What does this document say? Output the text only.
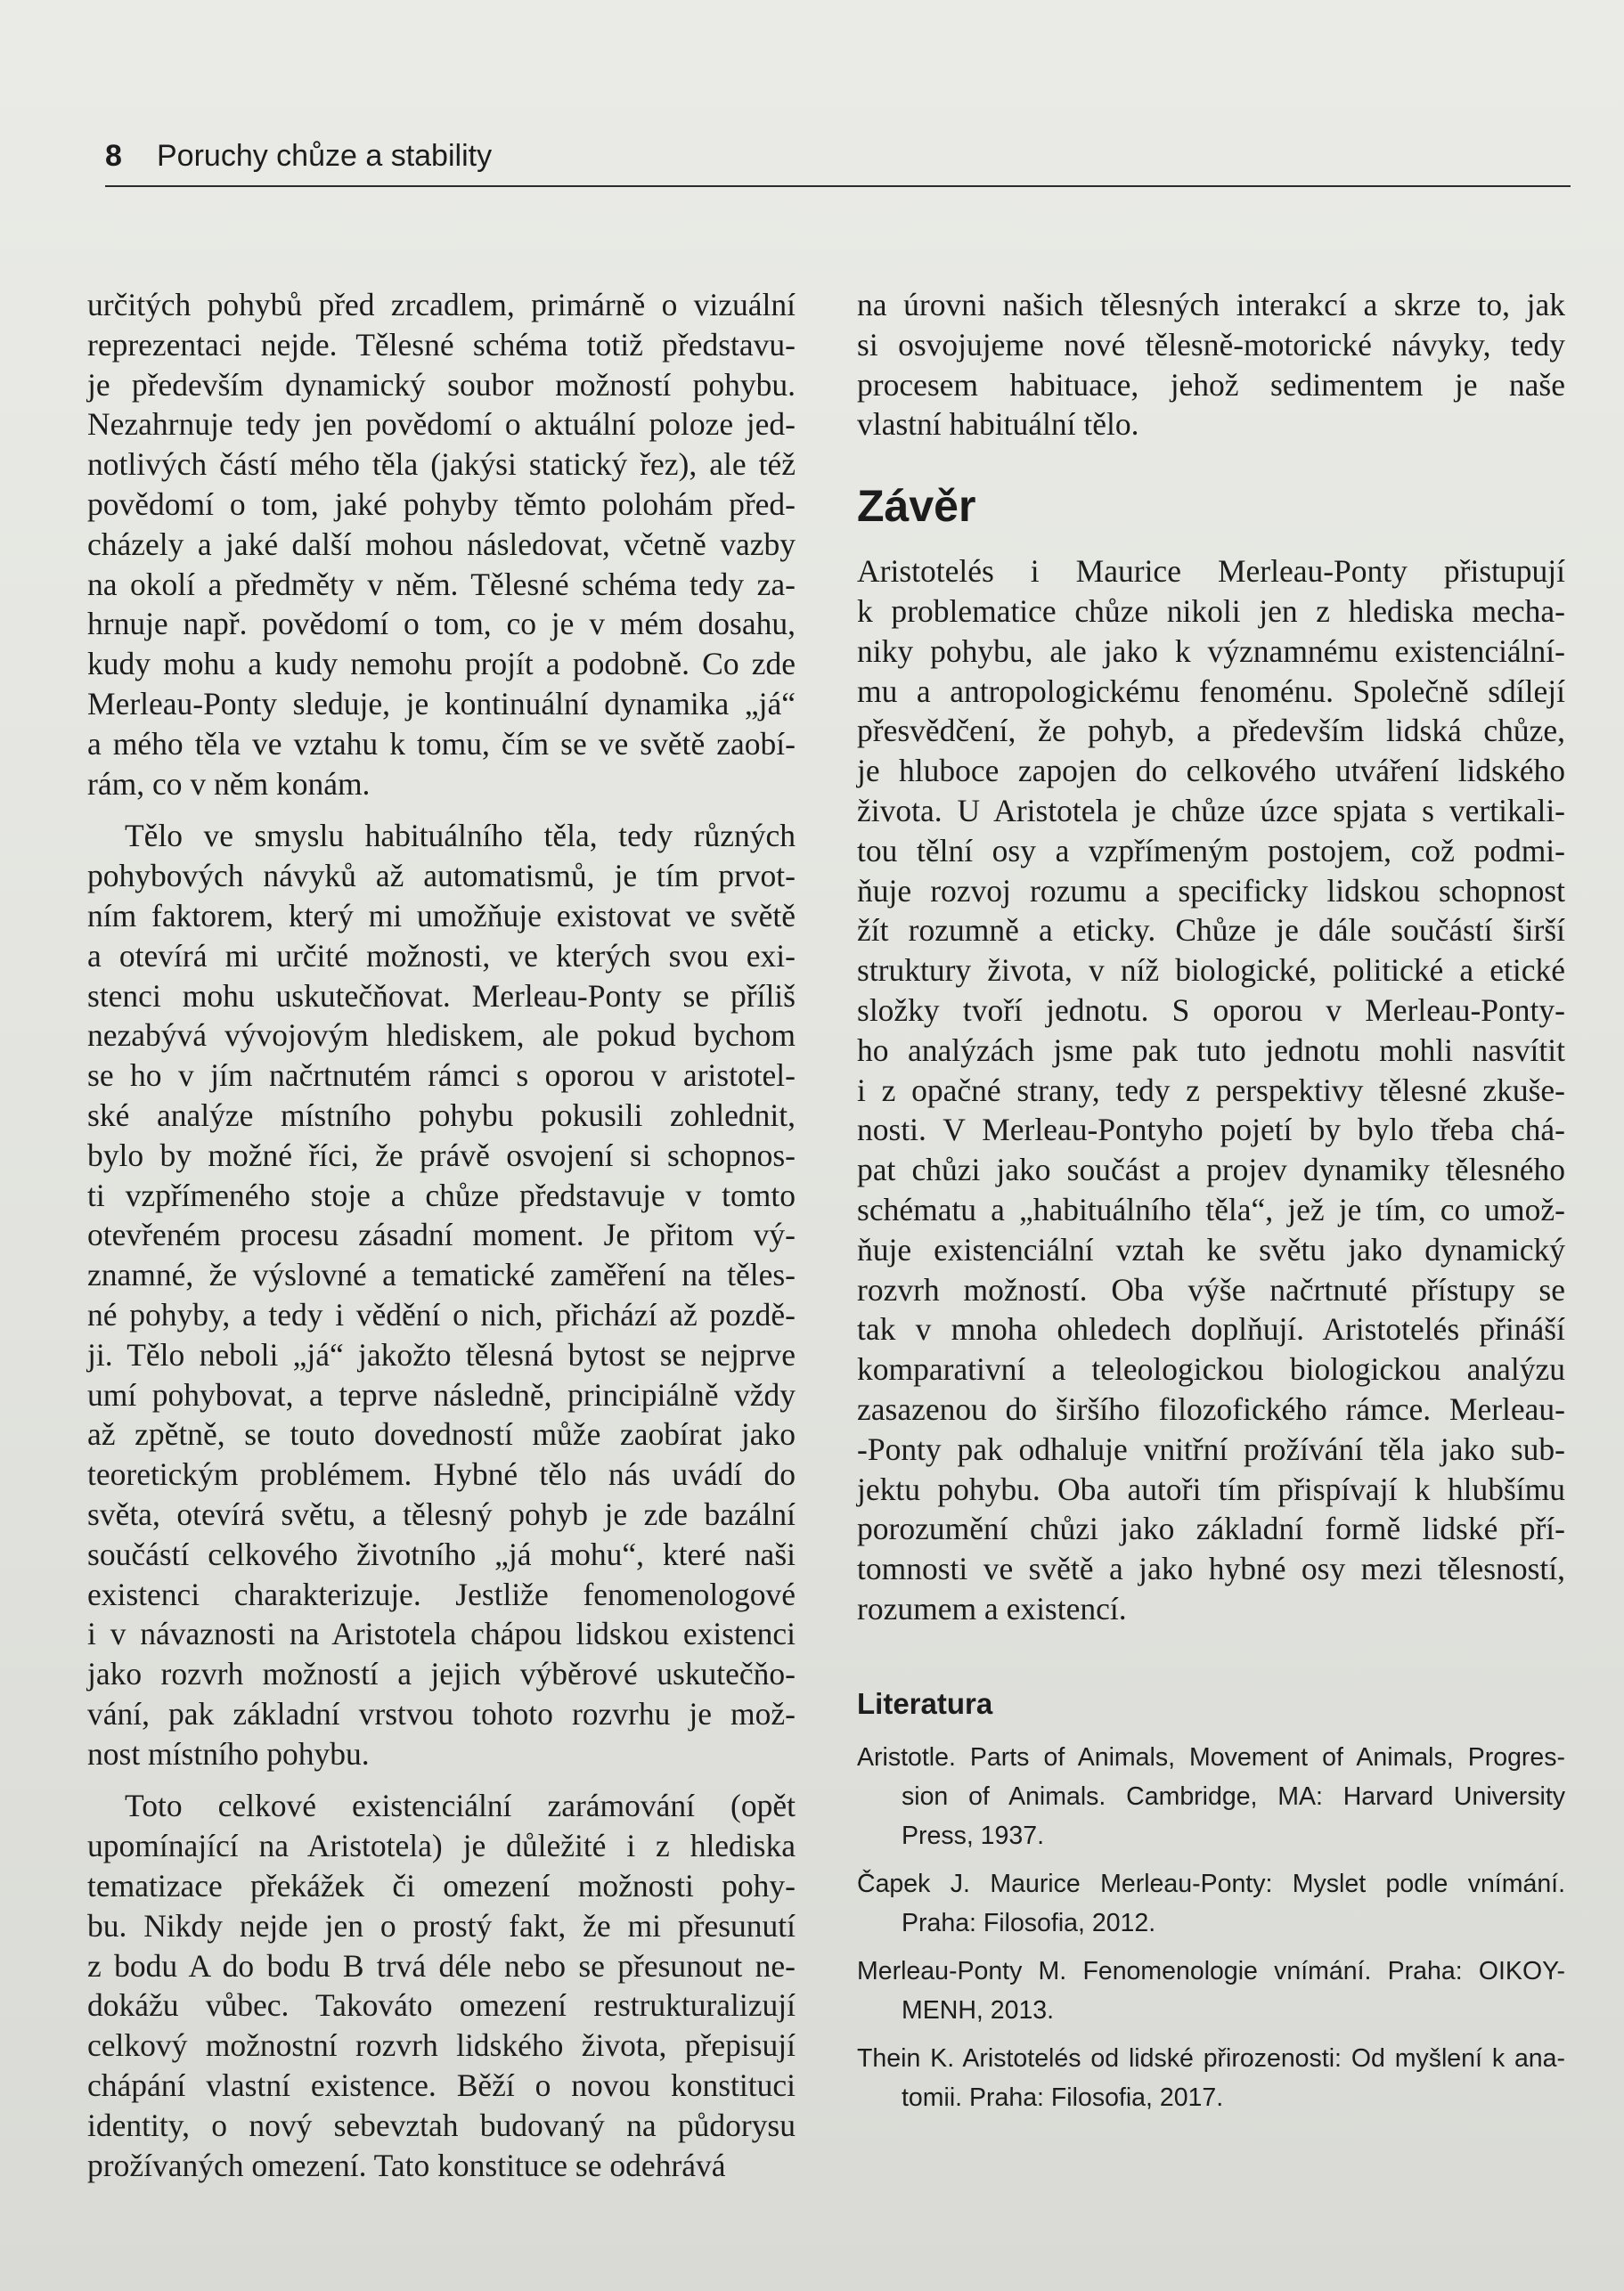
8 Poruchy chůze a stability
určitých pohybů před zrcadlem, primárně o vizuální
reprezentaci nejde. Tělesné schéma totiž představu-
je především dynamický soubor možností pohybu.
Nezahrnuje tedy jen povědomí o aktuální poloze jed-
notlivých částí mého těla (jakýsi statický řez), ale též
povědomí o tom, jaké pohyby těmto polohám před-
cházely a jaké další mohou následovat, včetně vazby
na okolí a předměty v něm. Tělesné schéma tedy za-
hrnuje např. povědomí o tom, co je v mém dosahu,
kudy mohu a kudy nemohu projít a podobně. Co zde
Merleau-Ponty sleduje, je kontinuální dynamika „já“
a mého těla ve vztahu k tomu, čím se ve světě zaobí-
rám, co v něm konám.
Tělo ve smyslu habituálního těla, tedy různých
pohybových návyků až automatismů, je tím prvot-
ním faktorem, který mi umožňuje existovat ve světě
a otevírá mi určité možnosti, ve kterých svou exi-
stenci mohu uskutečňovat. Merleau-Ponty se příliš
nezabývá vývojovým hlediskem, ale pokud bychom
se ho v jím načrtnutém rámci s oporou v aristotel-
ské analýze místního pohybu pokusili zohlednit,
bylo by možné říci, že právě osvojení si schopnos-
ti vzpřímeného stoje a chůze představuje v tomto
otevřeném procesu zásadní moment. Je přitom vý-
znamné, že výslovné a tematické zaměření na těles-
né pohyby, a tedy i vědění o nich, přichází až pozdě-
ji. Tělo neboli „já“ jakožto tělesná bytost se nejprve
umí pohybovat, a teprve následně, principiálně vždy
až zpětně, se touto dovedností může zaobírat jako
teoretickým problémem. Hybné tělo nás uvádí do
světa, otevírá světu, a tělesný pohyb je zde bazální
součástí celkového životního „já mohu“, které naši
existenci charakterizuje. Jestliže fenomenologové
i v návaznosti na Aristotela chápou lidskou existenci
jako rozvrh možností a jejich výběrové uskutečňo-
vání, pak základní vrstvou tohoto rozvrhu je mož-
nost místního pohybu.
Toto celkové existenciální zarámování (opět
upomínající na Aristotela) je důležité i z hlediska
tematizace překážek či omezení možnosti pohy-
bu. Nikdy nejde jen o prostý fakt, že mi přesunutí
z bodu A do bodu B trvá déle nebo se přesunout ne-
dokážu vůbec. Takováto omezení restrukturalizují
celkový možnostní rozvrh lidského života, přepisují
chápání vlastní existence. Běží o novou konstituci
identity, o nový sebevztah budovaný na půdorysu
prožívaných omezení. Tato konstituce se odehrává
na úrovni našich tělesných interakcí a skrze to, jak
si osvojujeme nové tělesně-motorické návyky, tedy
procesem habituace, jehož sedimentem je naše
vlastní habituální tělo.
Závěr
Aristotelés i Maurice Merleau-Ponty přistupují
k problematice chůze nikoli jen z hlediska mecha-
niky pohybu, ale jako k významnému existenciální-
mu a antropologickému fenoménu. Společně sdílejí
přesvědčení, že pohyb, a především lidská chůze,
je hluboce zapojen do celkového utváření lidského
života. U Aristotela je chůze úzce spjata s vertikali-
tou tělní osy a vzpřímeným postojem, což podmi-
ňuje rozvoj rozumu a specificky lidskou schopnost
žít rozumně a eticky. Chůze je dále součástí širší
struktury života, v níž biologické, politické a etické
složky tvoří jednotu. S oporou v Merleau-Ponty-
ho analýzách jsme pak tuto jednotu mohli nasvítit
i z opačné strany, tedy z perspektivy tělesné zkuše-
nosti. V Merleau-Pontyho pojetí by bylo třeba chá-
pat chůzi jako součást a projev dynamiky tělesného
schématu a „habituálního těla“, jež je tím, co umož-
ňuje existenciální vztah ke světu jako dynamický
rozvrh možností. Oba výše načrtnuté přístupy se
tak v mnoha ohledech doplňují. Aristotelés přináší
komparativní a teleologickou biologickou analýzu
zasazenou do širšího filozofického rámce. Merleau-
-Ponty pak odhaluje vnitřní prožívání těla jako sub-
jektu pohybu. Oba autoři tím přispívají k hlubšímu
porozumění chůzi jako základní formě lidské pří-
tomnosti ve světě a jako hybné osy mezi tělesností,
rozumem a existencí.
Literatura
Aristotle. Parts of Animals, Movement of Animals, Progres-
sion of Animals. Cambridge, MA: Harvard University
Press, 1937.
Čapek J. Maurice Merleau-Ponty: Myslet podle vnímání.
Praha: Filosofia, 2012.
Merleau-Ponty M. Fenomenologie vnímání. Praha: OIKOY-
MENH, 2013.
Thein K. Aristotelés od lidské přirozenosti: Od myšlení k ana-
tomii. Praha: Filosofia, 2017.
